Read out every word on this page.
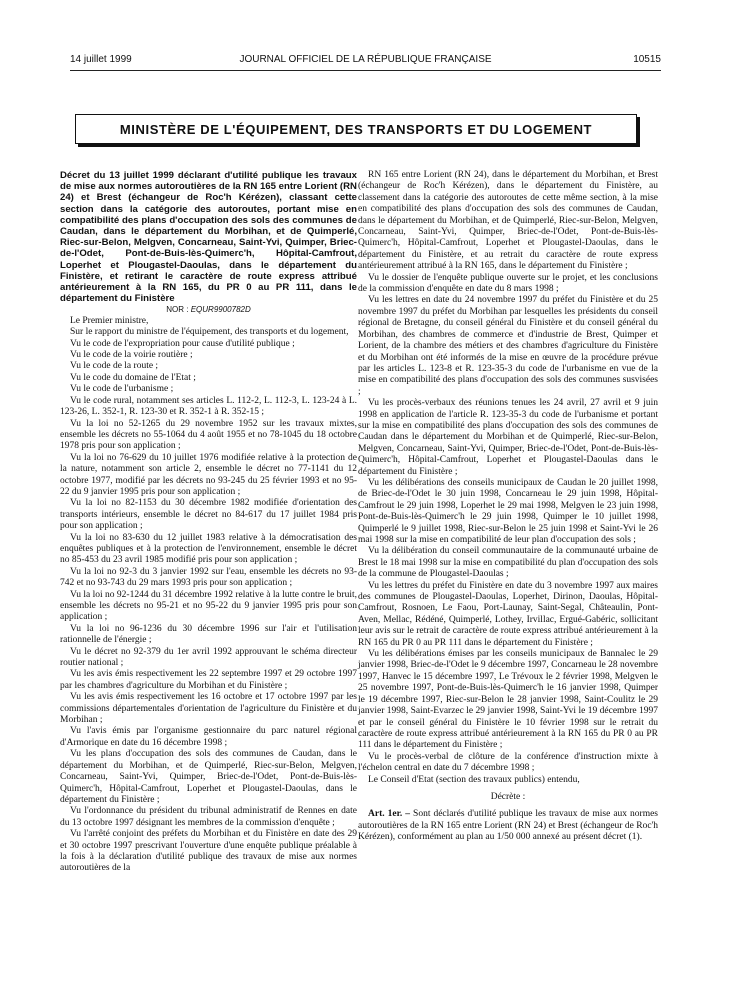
14 juillet 1999	JOURNAL OFFICIEL DE LA RÉPUBLIQUE FRANÇAISE	10515
MINISTÈRE DE L'ÉQUIPEMENT, DES TRANSPORTS ET DU LOGEMENT

Décret du 13 juillet 1999 déclarant d'utilité publique les travaux de mise aux normes autoroutières de la RN 165 entre Lorient (RN 24) et Brest (échangeur de Roc'h Kérézen), classant cette section dans la catégorie des autoroutes, portant mise en compatibilité des plans d'occupation des sols des communes de Caudan, dans le département du Morbihan, et de Quimperlé, Riec-sur-Belon, Melgven, Concarneau, Saint-Yvi, Quimper, Briec-de-l'Odet, Pont-de-Buis-lès-Quimerc'h, Hôpital-Camfrout, Loperhet et Plougastel-Daoulas, dans le département du Finistère, et retirant le caractère de route express attribué antérieurement à la RN 165, du PR 0 au PR 111, dans le département du Finistère

NOR : EQUR9900782D

Le Premier ministre,

Sur le rapport du ministre de l'équipement, des transports et du logement,

Vu le code de l'expropriation pour cause d'utilité publique ;

Vu le code de la voirie routière ;

Vu le code de la route ;

Vu le code du domaine de l'Etat ;

Vu le code de l'urbanisme ;

Vu le code rural, notamment ses articles L. 112-2, L. 112-3, L. 123-24 à L. 123-26, L. 352-1, R. 123-30 et R. 352-1 à R. 352-15 ;

Vu la loi no 52-1265 du 29 novembre 1952 sur les travaux mixtes, ensemble les décrets no 55-1064 du 4 août 1955 et no 78-1045 du 18 octobre 1978 pris pour son application ;

Vu la loi no 76-629 du 10 juillet 1976 modifiée relative à la protection de la nature, notamment son article 2, ensemble le décret no 77-1141 du 12 octobre 1977, modifié par les décrets no 93-245 du 25 février 1993 et no 95-22 du 9 janvier 1995 pris pour son application ;

Vu la loi no 82-1153 du 30 décembre 1982 modifiée d'orientation des transports intérieurs, ensemble le décret no 84-617 du 17 juillet 1984 pris pour son application ;

Vu la loi no 83-630 du 12 juillet 1983 relative à la démocratisation des enquêtes publiques et à la protection de l'environnement, ensemble le décret no 85-453 du 23 avril 1985 modifié pris pour son application ;

Vu la loi no 92-3 du 3 janvier 1992 sur l'eau, ensemble les décrets no 93-742 et no 93-743 du 29 mars 1993 pris pour son application ;

Vu la loi no 92-1244 du 31 décembre 1992 relative à la lutte contre le bruit, ensemble les décrets no 95-21 et no 95-22 du 9 janvier 1995 pris pour son application ;

Vu la loi no 96-1236 du 30 décembre 1996 sur l'air et l'utilisation rationnelle de l'énergie ;

Vu le décret no 92-379 du 1er avril 1992 approuvant le schéma directeur routier national ;

Vu les avis émis respectivement les 22 septembre 1997 et 29 octobre 1997 par les chambres d'agriculture du Morbihan et du Finistère ;

Vu les avis émis respectivement les 16 octobre et 17 octobre 1997 par les commissions départementales d'orientation de l'agriculture du Finistère et du Morbihan ;

Vu l'avis émis par l'organisme gestionnaire du parc naturel régional d'Armorique en date du 16 décembre 1998 ;

Vu les plans d'occupation des sols des communes de Caudan, dans le département du Morbihan, et de Quimperlé, Riec-sur-Belon, Melgven, Concarneau, Saint-Yvi, Quimper, Briec-de-l'Odet, Pont-de-Buis-lès-Quimerc'h, Hôpital-Camfrout, Loperhet et Plougastel-Daoulas, dans le département du Finistère ;

Vu l'ordonnance du président du tribunal administratif de Rennes en date du 13 octobre 1997 désignant les membres de la commission d'enquête ;

Vu l'arrêté conjoint des préfets du Morbihan et du Finistère en date des 29 et 30 octobre 1997 prescrivant l'ouverture d'une enquête publique préalable à la fois à la déclaration d'utilité publique des travaux de mise aux normes autoroutières de la

RN 165 entre Lorient (RN 24), dans le département du Morbihan, et Brest (échangeur de Roc'h Kérézen), dans le département du Finistère, au classement dans la catégorie des autoroutes de cette même section, à la mise en compatibilité des plans d'occupation des sols des communes de Caudan, dans le département du Morbihan, et de Quimperlé, Riec-sur-Belon, Melgven, Concarneau, Saint-Yvi, Quimper, Briec-de-l'Odet, Pont-de-Buis-lès-Quimerc'h, Hôpital-Camfrout, Loperhet et Plougastel-Daoulas, dans le département du Finistère, et au retrait du caractère de route express antérieurement attribué à la RN 165, dans le département du Finistère ;

Vu le dossier de l'enquête publique ouverte sur le projet, et les conclusions de la commission d'enquête en date du 8 mars 1998 ;

Vu les lettres en date du 24 novembre 1997 du préfet du Finistère et du 25 novembre 1997 du préfet du Morbihan par lesquelles les présidents du conseil régional de Bretagne, du conseil général du Finistère et du conseil général du Morbihan, des chambres de commerce et d'industrie de Brest, Quimper et Lorient, de la chambre des métiers et des chambres d'agriculture du Finistère et du Morbihan ont été informés de la mise en œuvre de la procédure prévue par les articles L. 123-8 et R. 123-35-3 du code de l'urbanisme en vue de la mise en compatibilité des plans d'occupation des sols des communes susvisées ;

Vu les procès-verbaux des réunions tenues les 24 avril, 27 avril et 9 juin 1998 en application de l'article R. 123-35-3 du code de l'urbanisme et portant sur la mise en compatibilité des plans d'occupation des sols des communes de Caudan dans le département du Morbihan et de Quimperlé, Riec-sur-Belon, Melgven, Concarneau, Saint-Yvi, Quimper, Briec-de-l'Odet, Pont-de-Buis-lès-Quimerc'h, Hôpital-Camfrout, Loperhet et Plougastel-Daoulas dans le département du Finistère ;

Vu les délibérations des conseils municipaux de Caudan le 20 juillet 1998, de Briec-de-l'Odet le 30 juin 1998, Concarneau le 29 juin 1998, Hôpital-Camfrout le 29 juin 1998, Loperhet le 29 mai 1998, Melgven le 23 juin 1998, Pont-de-Buis-lès-Quimerc'h le 29 juin 1998, Quimper le 10 juillet 1998, Quimperlé le 9 juillet 1998, Riec-sur-Belon le 25 juin 1998 et Saint-Yvi le 26 mai 1998 sur la mise en compatibilité de leur plan d'occupation des sols ;

Vu la délibération du conseil communautaire de la communauté urbaine de Brest le 18 mai 1998 sur la mise en compatibilité du plan d'occupation des sols de la commune de Plougastel-Daoulas ;

Vu les lettres du préfet du Finistère en date du 3 novembre 1997 aux maires des communes de Plougastel-Daoulas, Loperhet, Dirinon, Daoulas, Hôpital-Camfrout, Rosnoen, Le Faou, Port-Launay, Saint-Segal, Châteaulin, Pont-Aven, Mellac, Rédéné, Quimperlé, Lothey, Irvillac, Ergué-Gabéric, sollicitant leur avis sur le retrait de caractère de route express attribué antérieurement à la RN 165 du PR 0 au PR 111 dans le département du Finistère ;

Vu les délibérations émises par les conseils municipaux de Bannalec le 29 janvier 1998, Briec-de-l'Odet le 9 décembre 1997, Concarneau le 28 novembre 1997, Hanvec le 15 décembre 1997, Le Trévoux le 2 février 1998, Melgven le 25 novembre 1997, Pont-de-Buis-lès-Quimerc'h le 16 janvier 1998, Quimper le 19 décembre 1997, Riec-sur-Belon le 28 janvier 1998, Saint-Coulitz le 29 janvier 1998, Saint-Evarzec le 29 janvier 1998, Saint-Yvi le 19 décembre 1997 et par le conseil général du Finistère le 10 février 1998 sur le retrait du caractère de route express attribué antérieurement à la RN 165 du PR 0 au PR 111 dans le département du Finistère ;

Vu le procès-verbal de clôture de la conférence d'instruction mixte à l'échelon central en date du 7 décembre 1998 ;

Le Conseil d'Etat (section des travaux publics) entendu,

Décrète :

Art. 1er. – Sont déclarés d'utilité publique les travaux de mise aux normes autoroutières de la RN 165 entre Lorient (RN 24) et Brest (échangeur de Roc'h Kérézen), conformément au plan au 1/50 000 annexé au présent décret (1).
